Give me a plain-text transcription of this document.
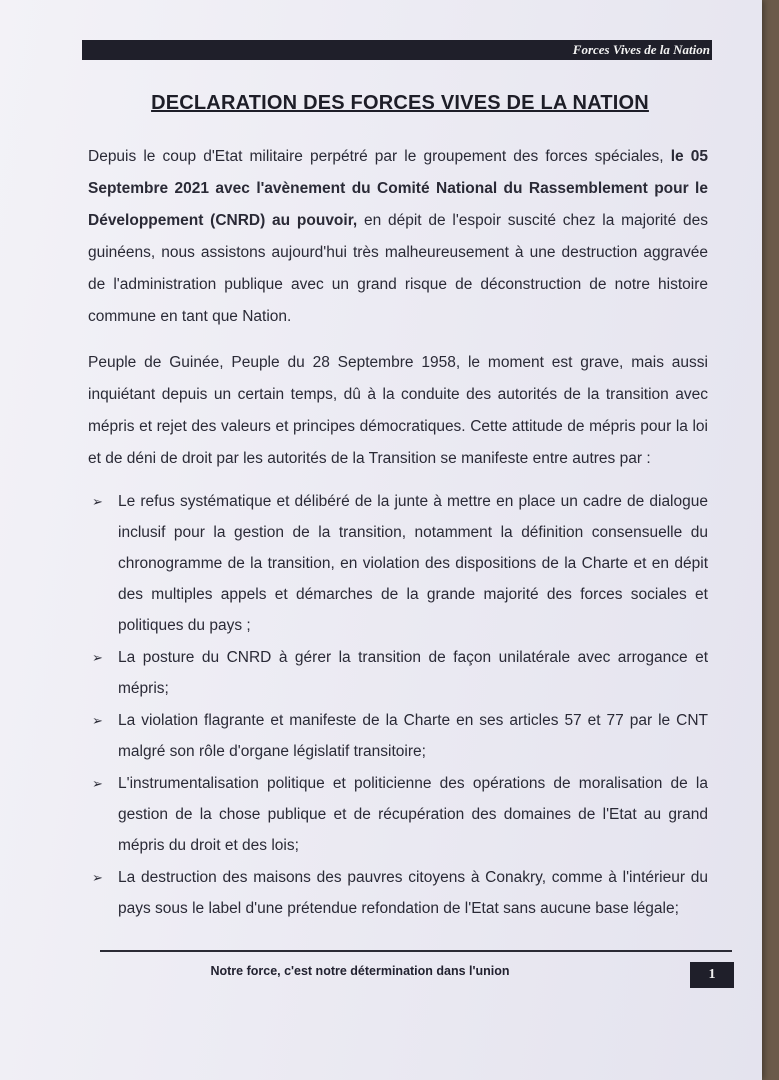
Forces Vives de la Nation
DECLARATION DES FORCES VIVES DE LA NATION
Depuis le coup d'Etat militaire perpétré par le groupement des forces spéciales, le 05 Septembre 2021 avec l'avènement du Comité National du Rassemblement pour le Développement (CNRD) au pouvoir, en dépit de l'espoir suscité chez la majorité des guinéens, nous assistons aujourd'hui très malheureusement à une destruction aggravée de l'administration publique avec un grand risque de déconstruction de notre histoire commune en tant que Nation.
Peuple de Guinée, Peuple du 28 Septembre 1958, le moment est grave, mais aussi inquiétant depuis un certain temps, dû à la conduite des autorités de la transition avec mépris et rejet des valeurs et principes démocratiques. Cette attitude de mépris pour la loi et de déni de droit par les autorités de la Transition se manifeste entre autres par :
➢ Le refus systématique et délibéré de la junte à mettre en place un cadre de dialogue inclusif pour la gestion de la transition, notamment la définition consensuelle du chronogramme de la transition, en violation des dispositions de la Charte et en dépit des multiples appels et démarches de la grande majorité des forces sociales et politiques du pays ;
➢ La posture du CNRD à gérer la transition de façon unilatérale avec arrogance et mépris;
➢ La violation flagrante et manifeste de la Charte en ses articles 57 et 77 par le CNT malgré son rôle d'organe législatif transitoire;
➢ L'instrumentalisation politique et politicienne des opérations de moralisation de la gestion de la chose publique et de récupération des domaines de l'Etat au grand mépris du droit et des lois;
➢ La destruction des maisons des pauvres citoyens à Conakry, comme à l'intérieur du pays sous le label d'une prétendue refondation de l'Etat sans aucune base légale;
Notre force, c'est notre détermination dans l'union	1
